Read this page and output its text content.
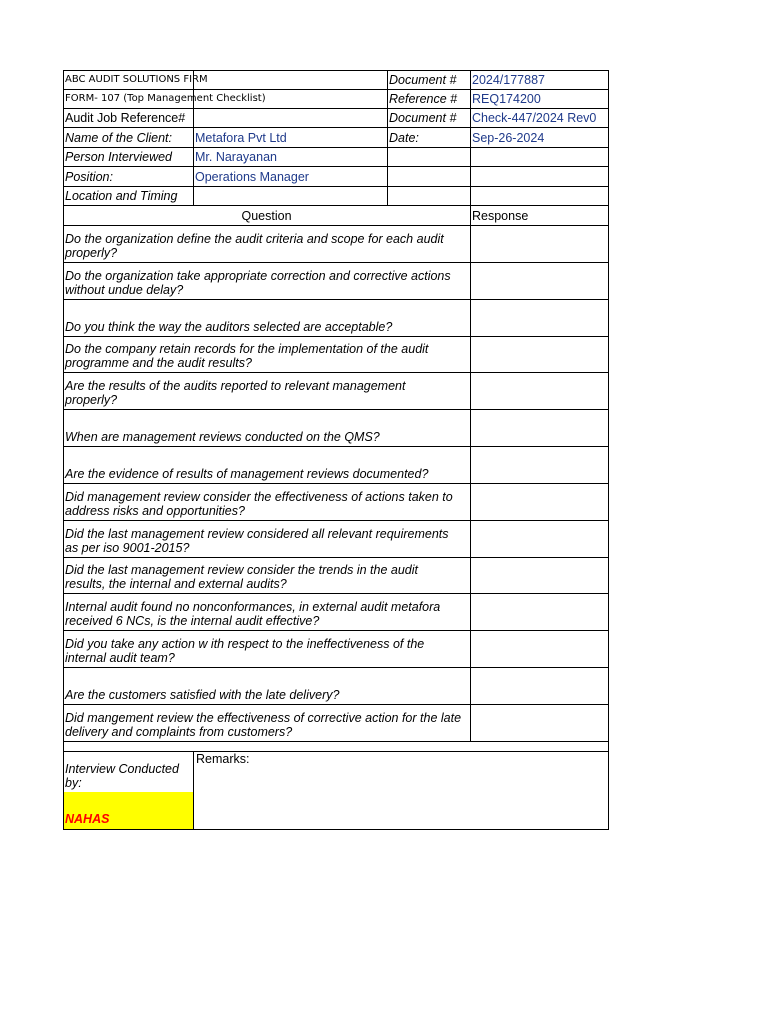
ABC AUDIT SOLUTIONS FIRM		Document #	2024/177887
FORM- 107 (Top Management Checklist)		Reference #	REQ174200
Audit Job Reference#		Document #	Check-447/2024 Rev0
Name of the Client:	Metafora Pvt Ltd	Date:	Sep-26-2024
Person Interviewed	Mr. Narayanan		
Position:	Operations Manager		
Location and Timing			
Question			Response

Do the organization define the audit criteria and scope for each audit
properly?			

Do the organization take appropriate correction and corrective actions
without undue delay?			

Do you think the way the auditors selected are acceptable?			

Do the company retain records for the implementation of the audit
programme and the audit results?			

Are the results of the audits reported to relevant management
properly?			

When are management reviews conducted on the QMS?			

Are the evidence of results of management reviews documented?			

Did management review consider the effectiveness of actions taken to
address risks and opportunities?			

Did the last management review considered all relevant requirements
as per iso 9001-2015?			

Did the last management review consider the trends in the audit
results, the internal and external audits?			

Internal audit found no nonconformances, in external audit metafora
received 6 NCs, is the internal audit effective?			

Did you take any action w ith respect to the ineffectiveness of the
internal audit team?			

Are the customers satisfied with the late delivery?			

Did mangement review the effectiveness of corrective action for the late
delivery and complaints from customers?			

Interview Conducted by:	Remarks:		
NAHAS			
